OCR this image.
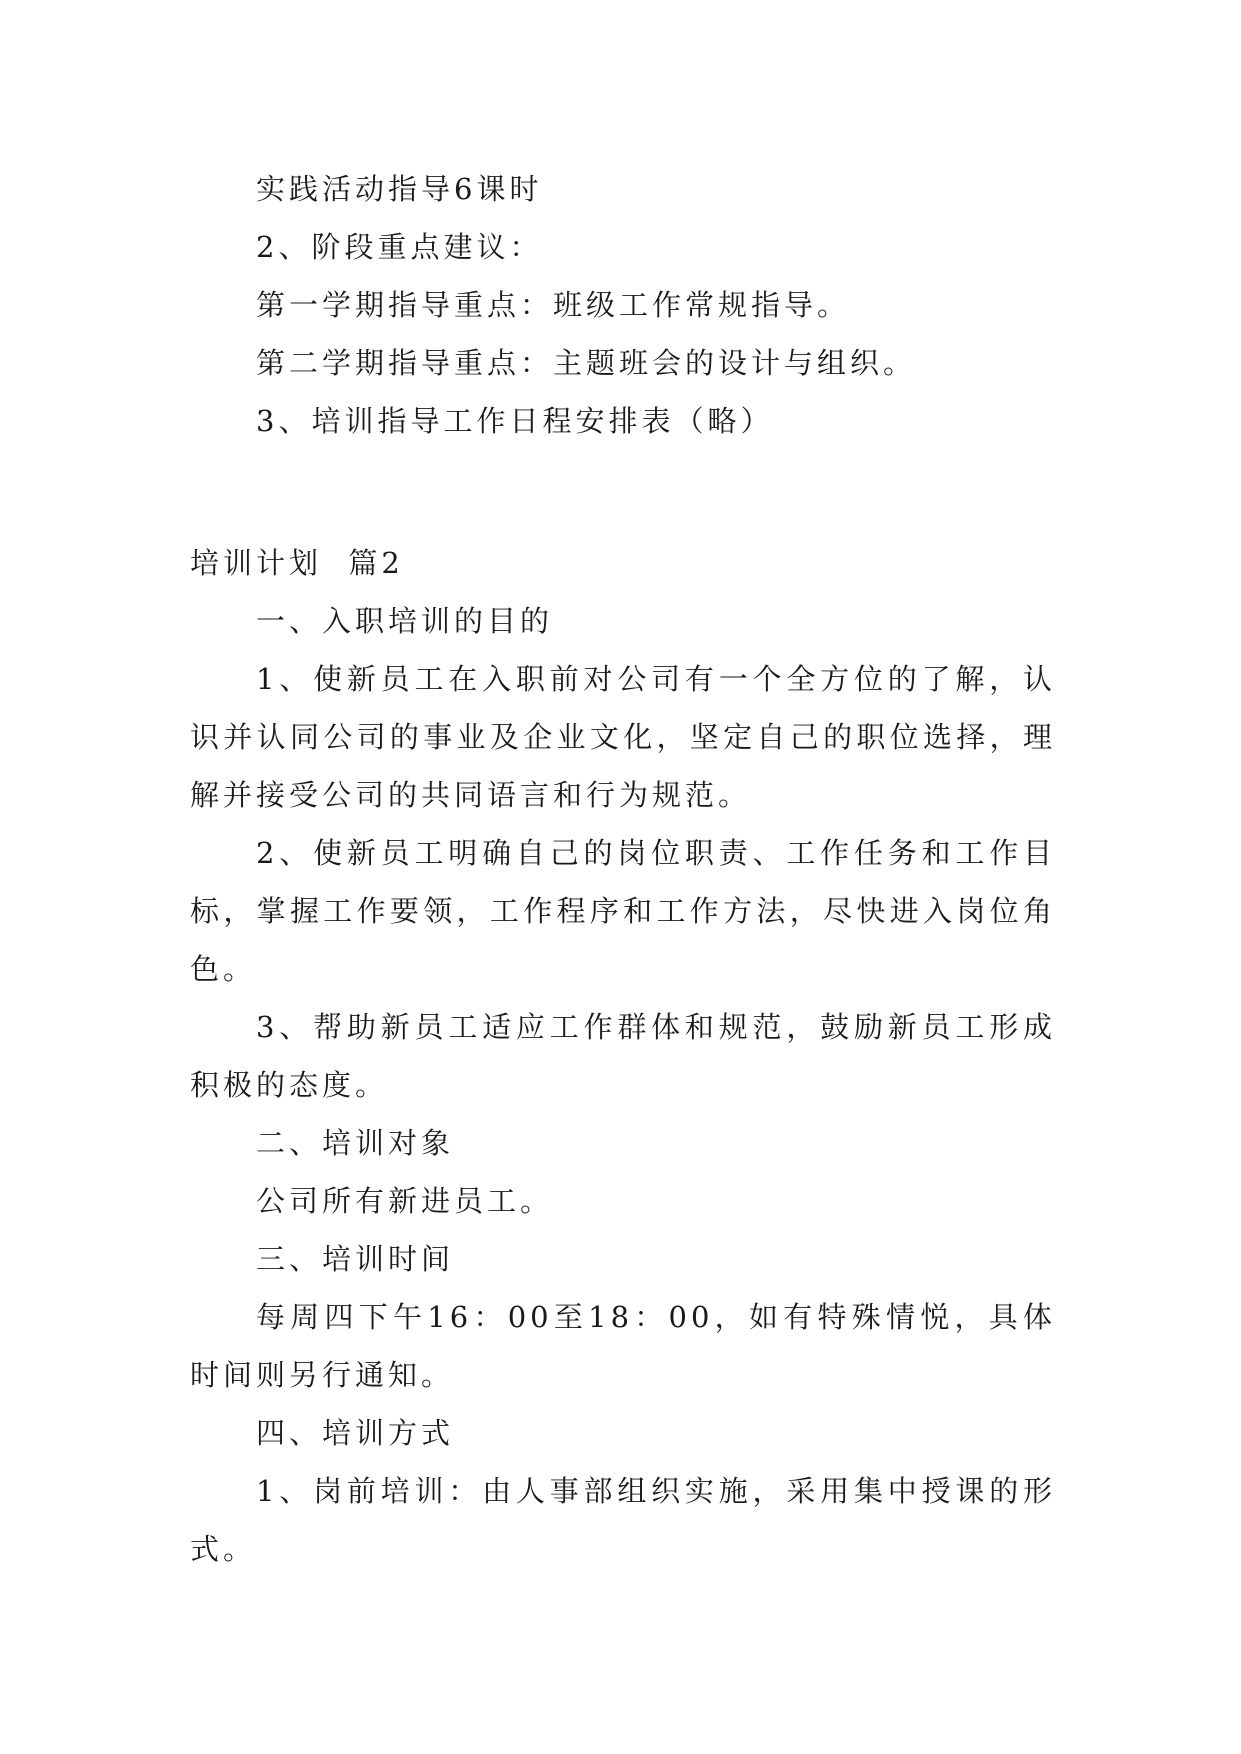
实践活动指导6课时
2、阶段重点建议：
第一学期指导重点：班级工作常规指导。
第二学期指导重点：主题班会的设计与组织。
3、培训指导工作日程安排表（略）
培训计划  篇2
一、入职培训的目的
1、使新员工在入职前对公司有一个全方位的了解，认识并认同公司的事业及企业文化，坚定自己的职位选择，理解并接受公司的共同语言和行为规范。
2、使新员工明确自己的岗位职责、工作任务和工作目标，掌握工作要领，工作程序和工作方法，尽快进入岗位角色。
3、帮助新员工适应工作群体和规范，鼓励新员工形成积极的态度。
二、培训对象
公司所有新进员工。
三、培训时间
每周四下午16：00至18：00，如有特殊情悦，具体时间则另行通知。
四、培训方式
1、岗前培训：由人事部组织实施，采用集中授课的形式。
